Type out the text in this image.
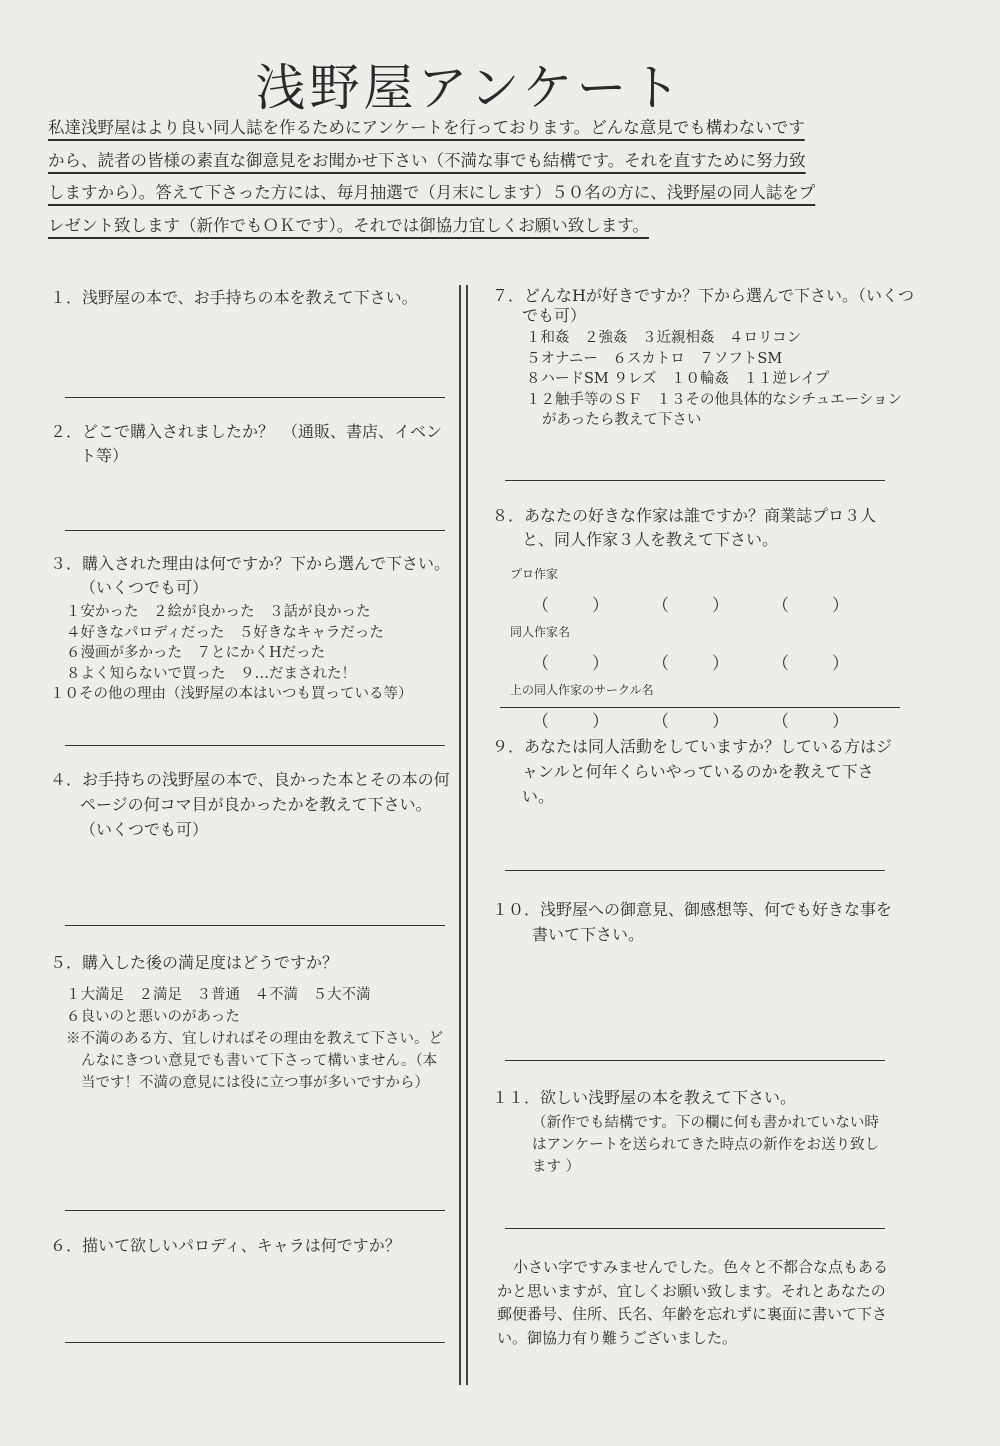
浅野屋アンケート
私達浅野屋はより良い同人誌を作るためにアンケートを行っております。どんな意見でも構わないです
から、読者の皆様の素直な御意見をお聞かせ下さい（不満な事でも結構です。それを直すために努力致
しますから）。答えて下さった方には、毎月抽選で（月末にします）５０名の方に、浅野屋の同人誌をプ
レゼント致します（新作でもＯＫです）。それでは御協力宜しくお願い致します。
１．浅野屋の本で、お手持ちの本を教えて下さい。
２．どこで購入されましたか？　（通販、書店、イベント等）
３．購入された理由は何ですか？下から選んで下さい。（いくつでも可）
１安かった　２絵が良かった　３話が良かった
４好きなパロディだった　５好きなキャラだった
６漫画が多かった　７とにかくHだった
８よく知らないで買った　９…だまされた！
１０その他の理由（浅野屋の本はいつも買っている等）
４．お手持ちの浅野屋の本で、良かった本とその本の何ページの何コマ目が良かったかを教えて下さい。（いくつでも可）
５．購入した後の満足度はどうですか？
１大満足　２満足　３普通　４不満　５大不満
６良いのと悪いのがあった
※不満のある方、宜しければその理由を教えて下さい。どんなにきつい意見でも書いて下さって構いません。（本当です！不満の意見には役に立つ事が多いですから）
６．描いて欲しいパロディ、キャラは何ですか？
７．どんなHが好きですか？下から選んで下さい。（いくつでも可）
１和姦　２強姦　３近親相姦　４ロリコン
５オナニー　６スカトロ　７ソフトSM
８ハードSM ９レズ　１０輪姦　１１逆レイプ
１２触手等のＳＦ　１３その他具体的なシチュエーションがあったら教えて下さい
８．あなたの好きな作家は誰ですか？商業誌プロ３人と、同人作家３人を教えて下さい。
プロ作家
（	）	（	）	（	）
同人作家名
（	）	（	）	（	）
上の同人作家のサークル名
（	）	（	）	（	）
９．あなたは同人活動をしていますか？している方はジャンルと何年くらいやっているのかを教えて下さい。
１０．浅野屋への御意見、御感想等、何でも好きな事を書いて下さい。
１１．欲しい浅野屋の本を教えて下さい。
（新作でも結構です。下の欄に何も書かれていない時はアンケートを送られてきた時点の新作をお送り致します ）
小さい字ですみませんでした。色々と不都合な点もあるかと思いますが、宜しくお願い致します。それとあなたの郵便番号、住所、氏名、年齢を忘れずに裏面に書いて下さい。御協力有り難うございました。
